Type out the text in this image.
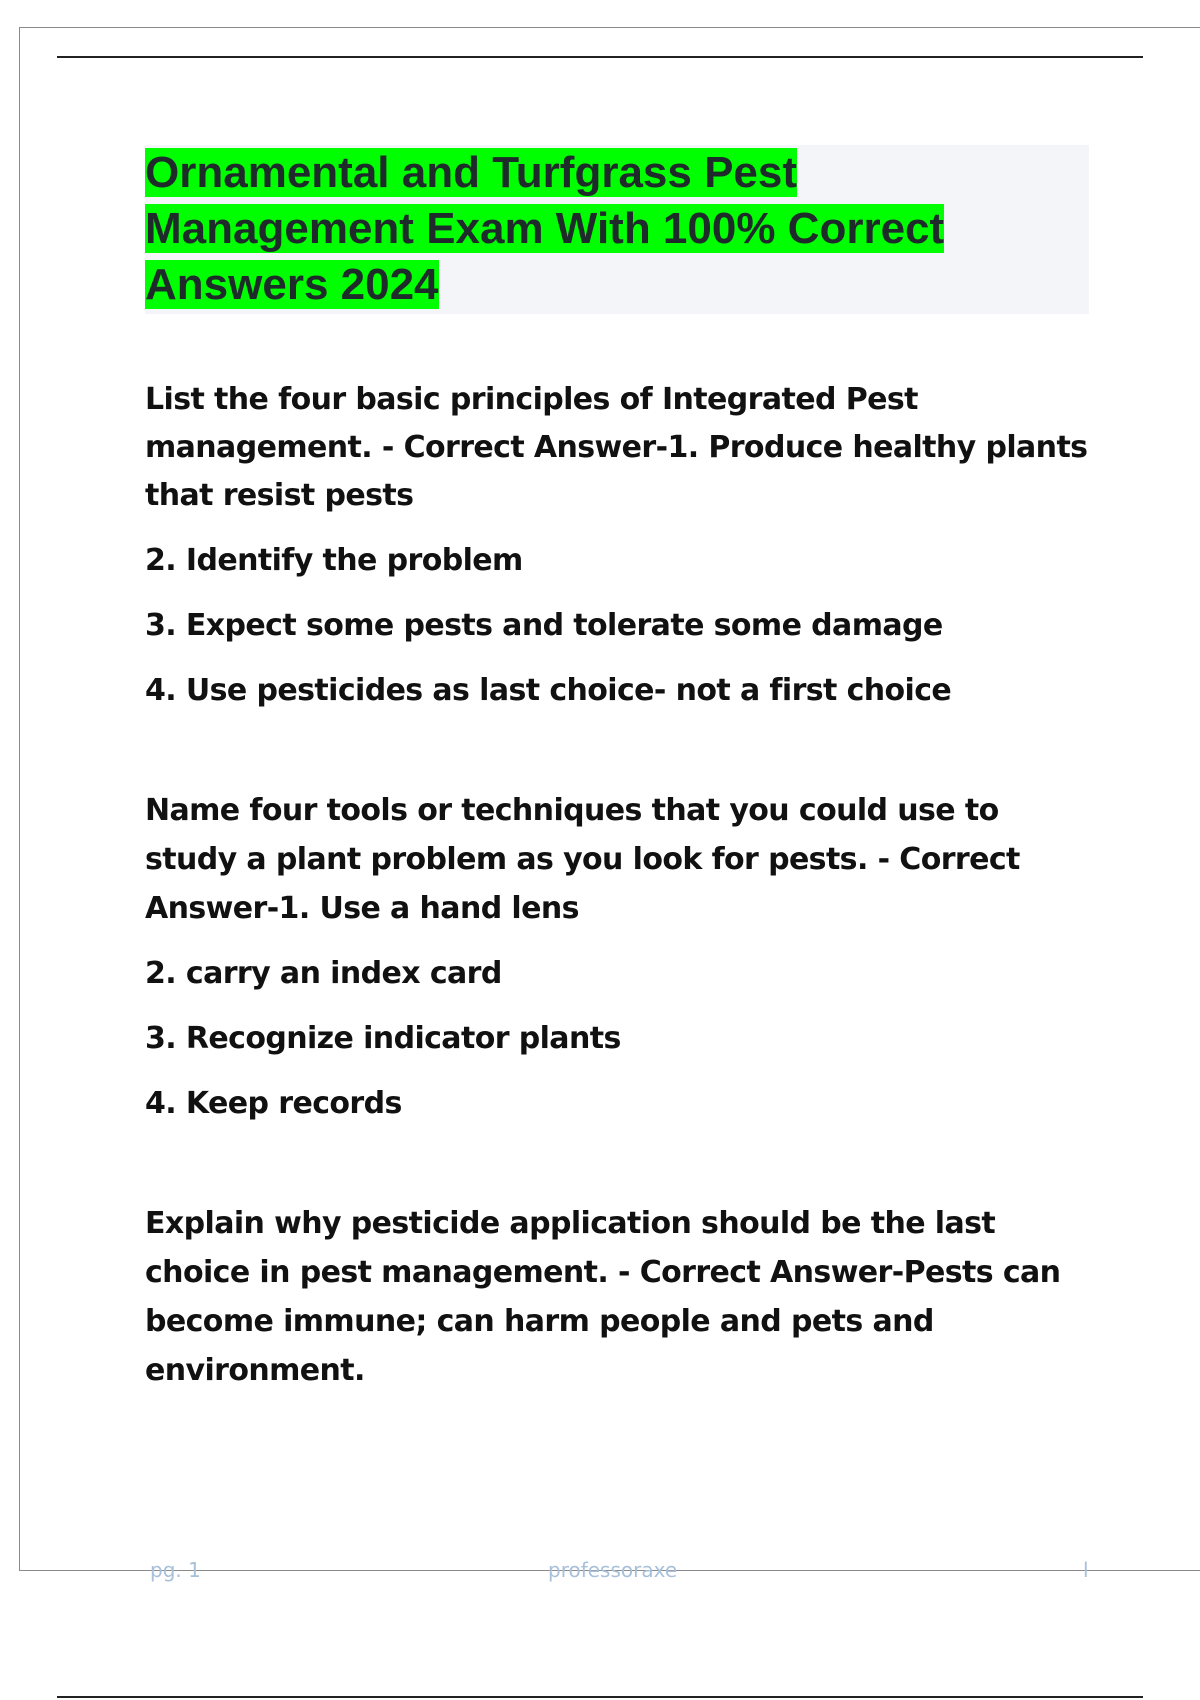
Ornamental and Turfgrass Pest
Management Exam With 100% Correct
Answers 2024

List the four basic principles of Integrated Pest management. - Correct Answer-1. Produce healthy plants that resist pests

2. Identify the problem

3. Expect some pests and tolerate some damage

4. Use pesticides as last choice- not a first choice

Name four tools or techniques that you could use to study a plant problem as you look for pests. - Correct Answer-1. Use a hand lens

2. carry an index card

3. Recognize indicator plants

4. Keep records

Explain why pesticide application should be the last choice in pest management. - Correct Answer-Pests can become immune; can harm people and pets and environment.

pg. 1	professoraxe	l
